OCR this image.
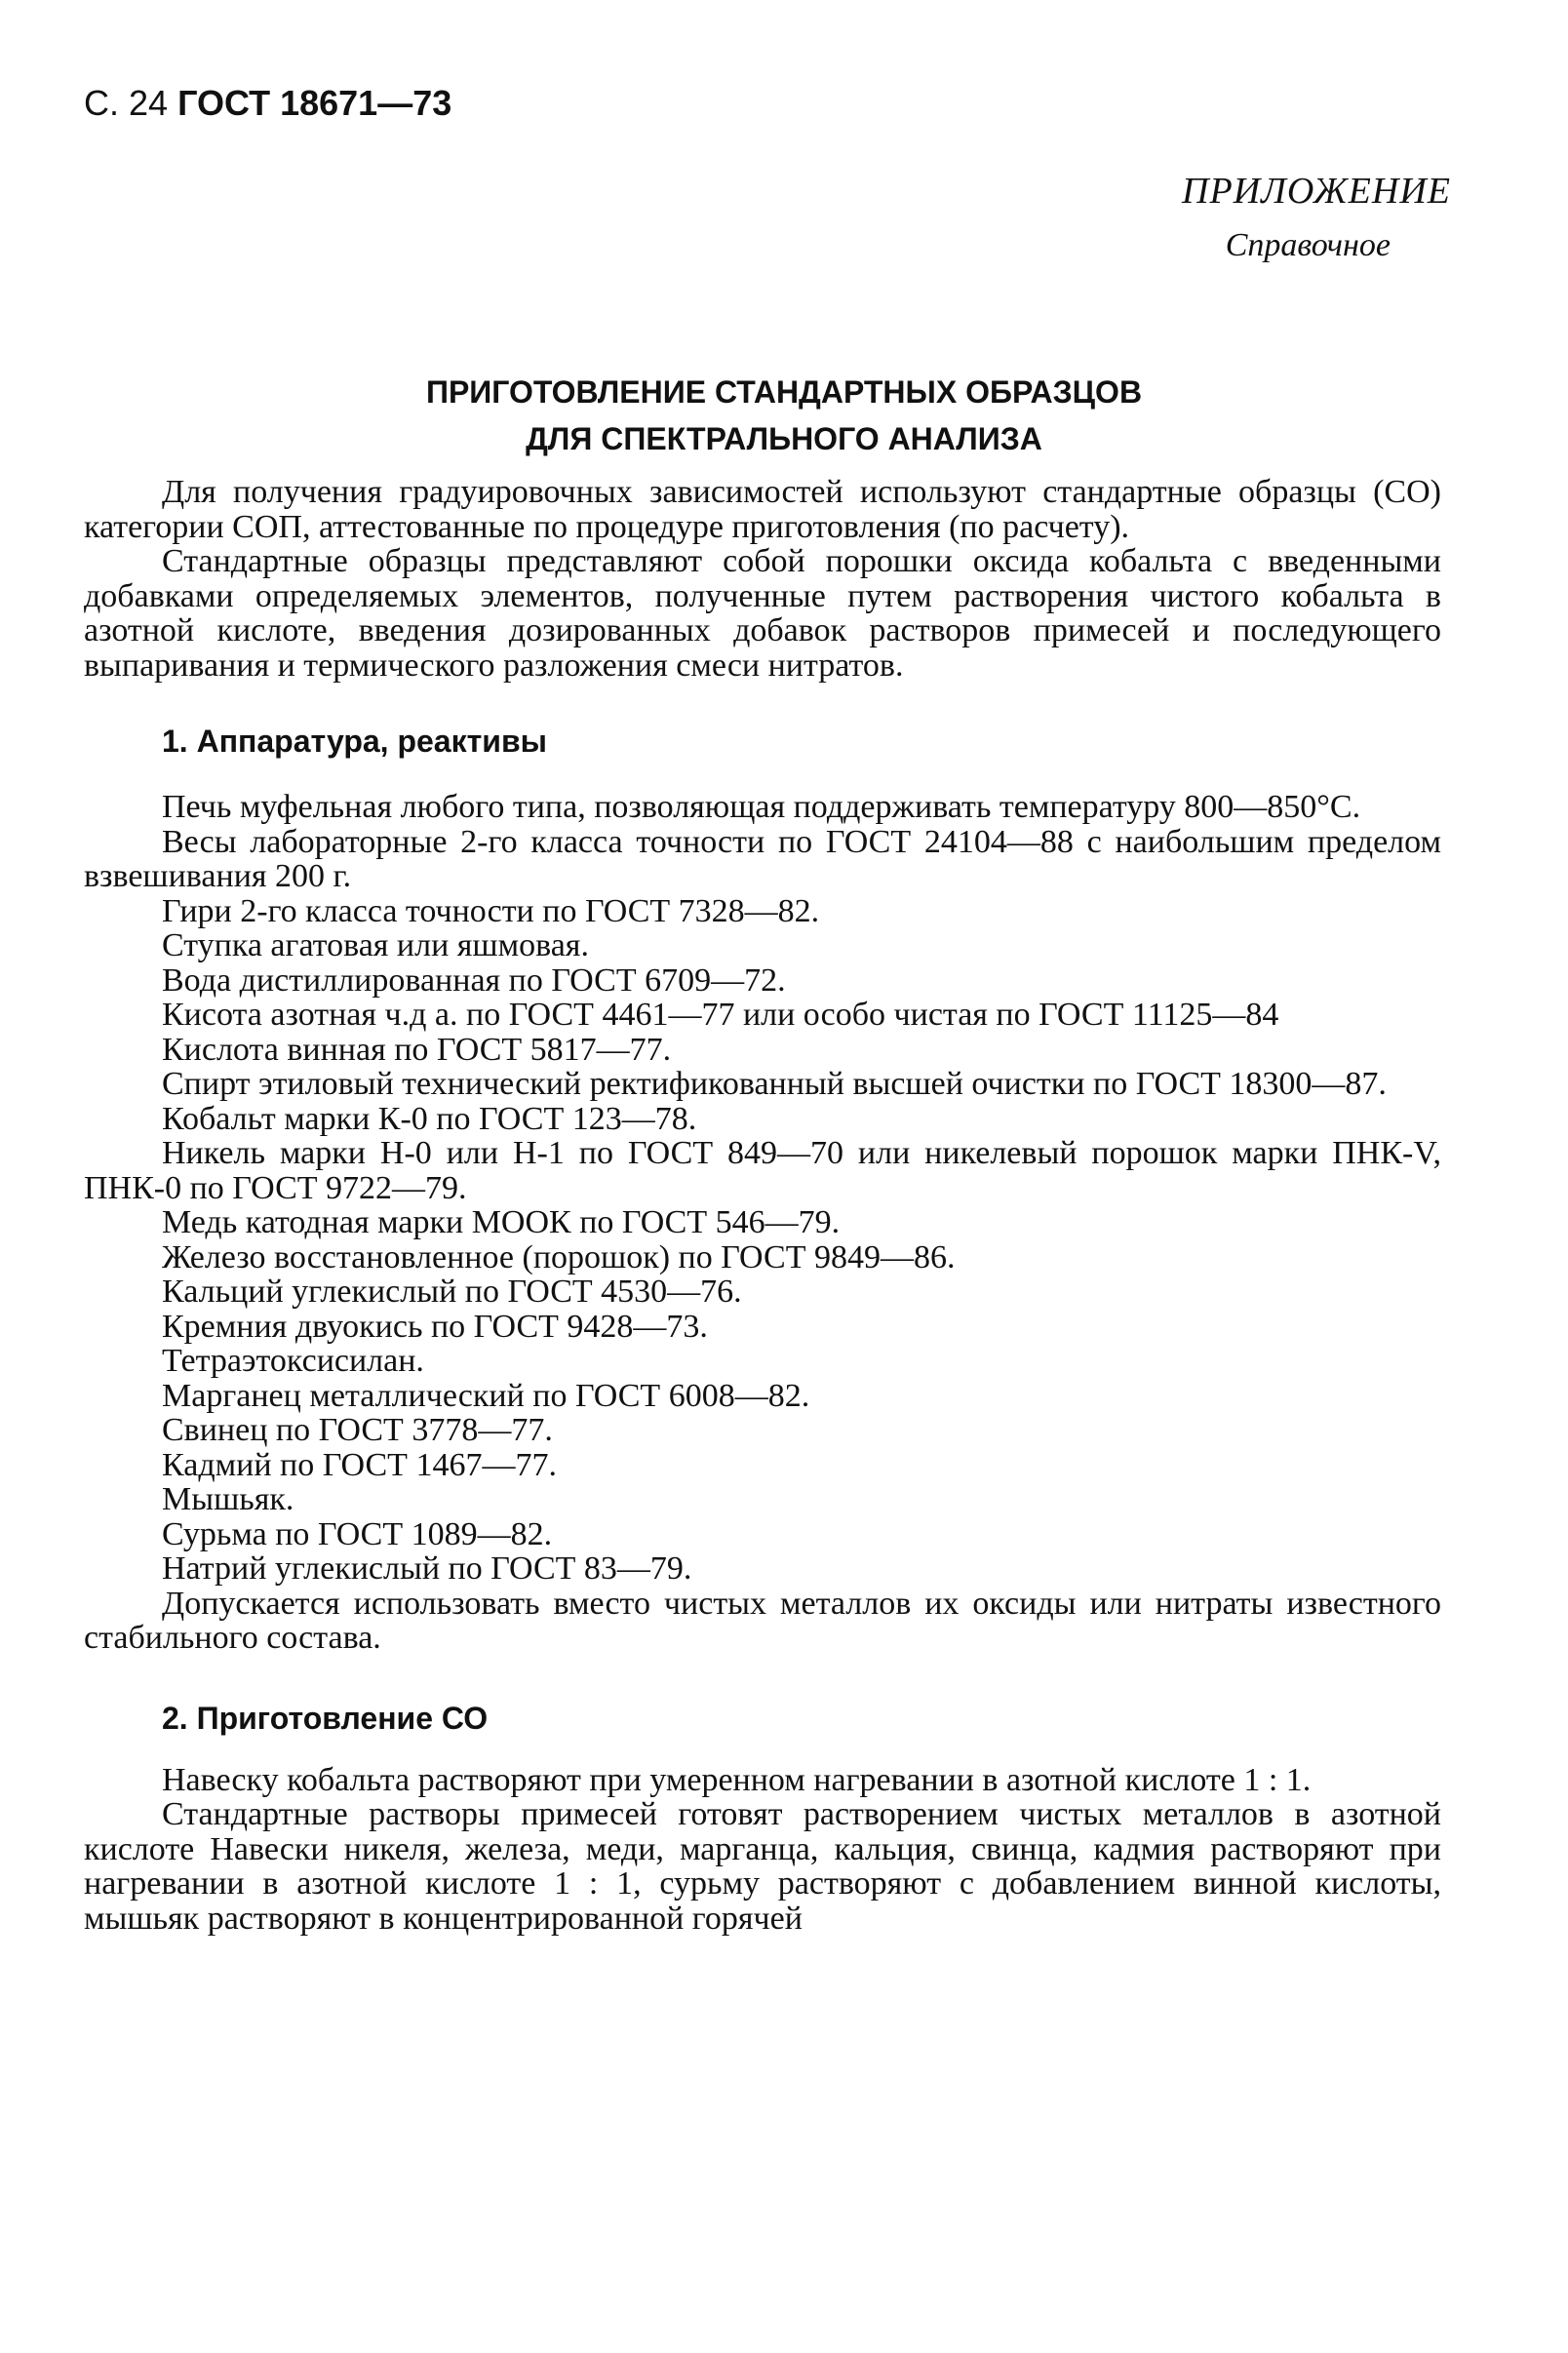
С. 24 ГОСТ 18671—73
ПРИЛОЖЕНИЕ
Справочное
ПРИГОТОВЛЕНИЕ СТАНДАРТНЫХ ОБРАЗЦОВ
ДЛЯ СПЕКТРАЛЬНОГО АНАЛИЗА

Для получения градуировочных зависимостей используют стандартные образцы (СО) категории СОП, аттестованные по процедуре приготовления (по расчету).

Стандартные образцы представляют собой порошки оксида кобальта с введенными добавками определяемых элементов, полученные путем растворения чистого кобальта в азотной кислоте, введения дозированных добавок растворов примесей и последующего выпаривания и термического разложения смеси нитратов.

1. Аппаратура, реактивы

Печь муфельная любого типа, позволяющая поддерживать температуру 800—850°С.

Весы лабораторные 2-го класса точности по ГОСТ 24104—88 с наибольшим пределом взвешивания 200 г.

Гири 2-го класса точности по ГОСТ 7328—82.

Ступка агатовая или яшмовая.

Вода дистиллированная по ГОСТ 6709—72.

Кисота азотная ч.д а. по ГОСТ 4461—77 или особо чистая по ГОСТ 11125—84

Кислота винная по ГОСТ 5817—77.

Спирт этиловый технический ректификованный высшей очистки по ГОСТ 18300—87.

Кобальт марки К-0 по ГОСТ 123—78.

Никель марки Н-0 или Н-1 по ГОСТ 849—70 или никелевый порошок марки ПНК-V, ПНК-0 по ГОСТ 9722—79.

Медь катодная марки МООК по ГОСТ 546—79.

Железо восстановленное (порошок) по ГОСТ 9849—86.

Кальций углекислый по ГОСТ 4530—76.

Кремния двуокись по ГОСТ 9428—73.

Тетраэтоксисилан.

Марганец металлический по ГОСТ 6008—82.

Свинец по ГОСТ 3778—77.

Кадмий по ГОСТ 1467—77.

Мышьяк.

Сурьма по ГОСТ 1089—82.

Натрий углекислый по ГОСТ 83—79.

Допускается использовать вместо чистых металлов их оксиды или нитраты известного стабильного состава.

2. Приготовление СО

Навеску кобальта растворяют при умеренном нагревании в азотной кислоте 1 : 1.

Стандартные растворы примесей готовят растворением чистых металлов в азотной кислоте Навески никеля, железа, меди, марганца, кальция, свинца, кадмия растворяют при нагревании в азотной кислоте 1 : 1, сурьму растворяют с добавлением винной кислоты, мышьяк растворяют в концентрированной горячей
